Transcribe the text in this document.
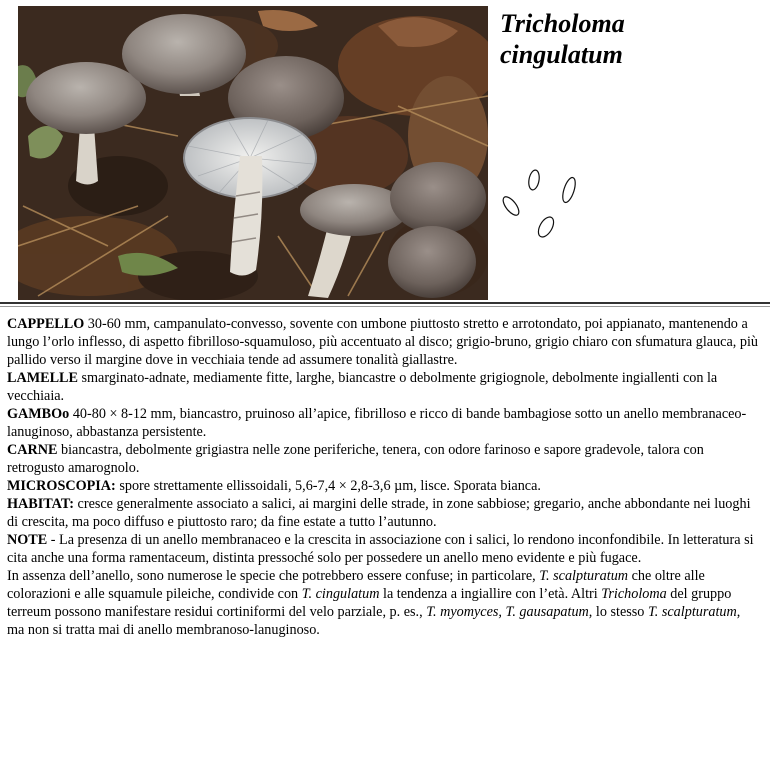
Tricholoma
cingulatum

CAPPELLO 30-60 mm, campanulato-convesso, sovente con umbone piuttosto stretto e arrotondato, poi appianato, mantenendo a lungo l’orlo inflesso, di aspetto fibrilloso-squamuloso, più accentuato al disco; grigio-bruno, grigio chiaro con sfumatura glauca, più pallido verso il margine dove in vecchiaia tende ad assumere tonalità giallastre.

LAMELLE smarginato-adnate, mediamente fitte, larghe, biancastre o debolmente grigiognole, debolmente ingiallenti con la vecchiaia.

GAMBOo 40-80 × 8-12 mm, biancastro, pruinoso all’apice, fibrilloso e ricco di bande bambagiose sotto un anello membranaceo-lanuginoso, abbastanza persistente.

CARNE biancastra, debolmente grigiastra nelle zone periferiche, tenera, con odore farinoso e sapore gradevole, talora con retrogusto amarognolo.

MICROSCOPIA: spore strettamente ellissoidali, 5,6-7,4 × 2,8-3,6 µm, lisce. Sporata bianca.

HABITAT: cresce generalmente associato a salici, ai margini delle strade, in zone sabbiose; gregario, anche abbondante nei luoghi di crescita, ma poco diffuso e piuttosto raro; da fine estate a tutto l’autunno.

NOTE - La presenza di un anello membranaceo e la crescita in associazione con i salici, lo rendono inconfondibile. In letteratura si cita anche una forma ramentaceum, distinta pressoché solo per possedere un anello meno evidente e più fugace.

In assenza dell’anello, sono numerose le specie che potrebbero essere confuse; in particolare, T. scalpturatum che oltre alle colorazioni e alle squamule pileiche, condivide con T. cingulatum la tendenza a ingiallire con l’età. Altri Tricholoma del gruppo terreum possono manifestare residui cortiniformi del velo parziale, p. es., T. myomyces, T. gausapatum, lo stesso T. scalpturatum, ma non si tratta mai di anello membranoso-lanuginoso.
